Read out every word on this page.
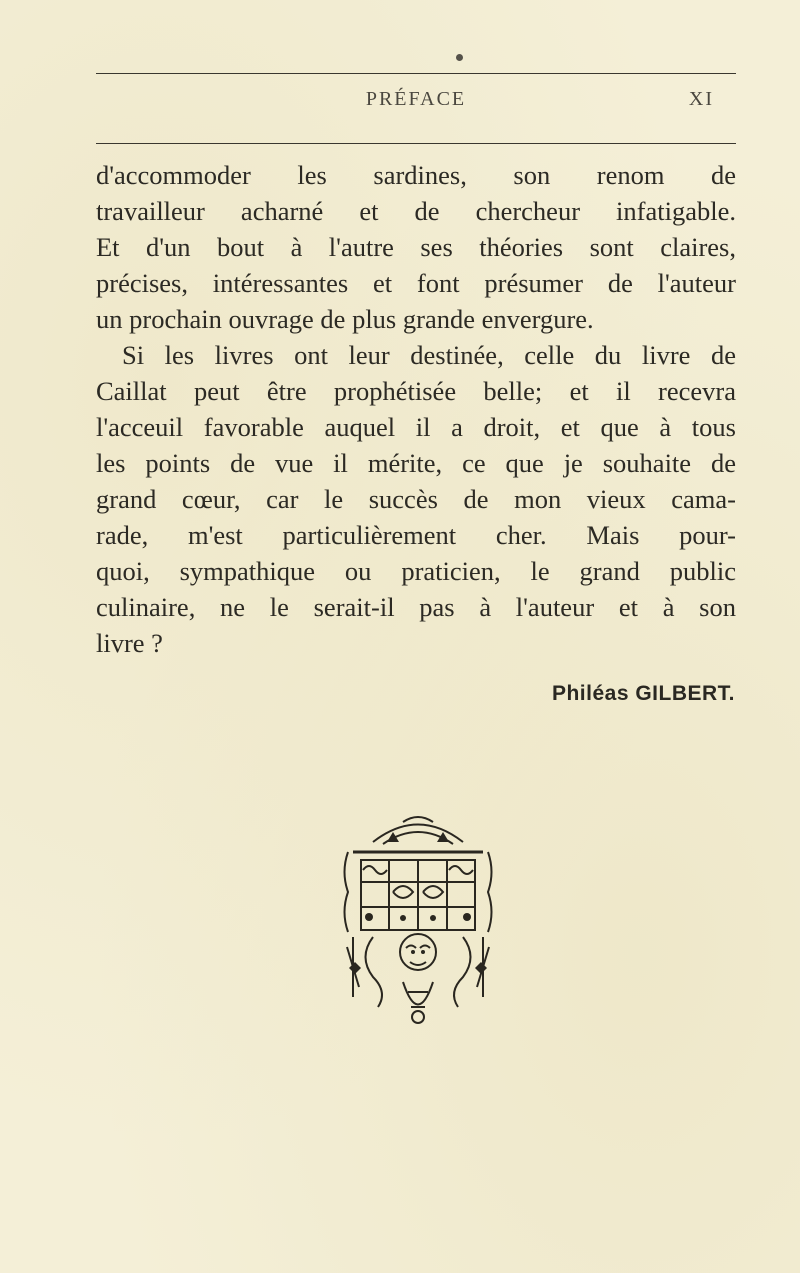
PRÉFACE	XI
d'accommoder les sardines, son renom de
travailleur acharné et de chercheur infatigable.
Et d'un bout à l'autre ses théories sont claires,
précises, intéressantes et font présumer de l'auteur
un prochain ouvrage de plus grande envergure.
Si les livres ont leur destinée, celle du livre de
Caillat peut être prophétisée belle; et il recevra
l'acceuil favorable auquel il a droit, et que à tous
les points de vue il mérite, ce que je souhaite de
grand cœur, car le succès de mon vieux cama-
rade, m'est particulièrement cher. Mais pour-
quoi, sympathique ou praticien, le grand public
culinaire, ne le serait-il pas à l'auteur et à son
livre ?
Philéas GILBERT.
